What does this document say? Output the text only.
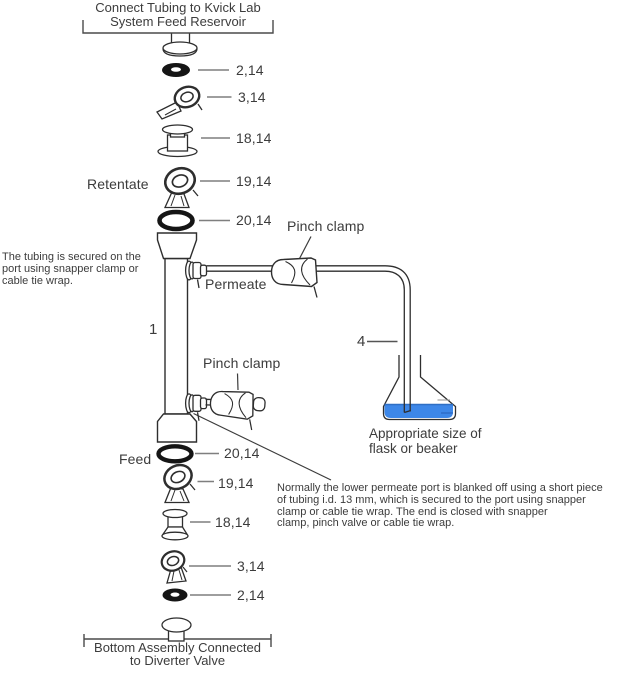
Connect Tubing to Kvick Lab
System Feed Reservoir
2,14
3,14
18,14
Retentate	19,14
20,14 Pinch clamp
Permeate
The tubing is secured on the
port using snapper clamp or
cable tie wrap.
1
4
Pinch clamp
Appropriate size of
flask or beaker
Feed	20,14
19,14
18,14
3,14
2,14
Normally the lower permeate port is blanked off using a short piece
of tubing i.d. 13 mm, which is secured to the port using snapper
clamp or cable tie wrap. The end is closed with snapper
clamp, pinch valve or cable tie wrap.
Bottom Assembly Connected
to Diverter Valve
